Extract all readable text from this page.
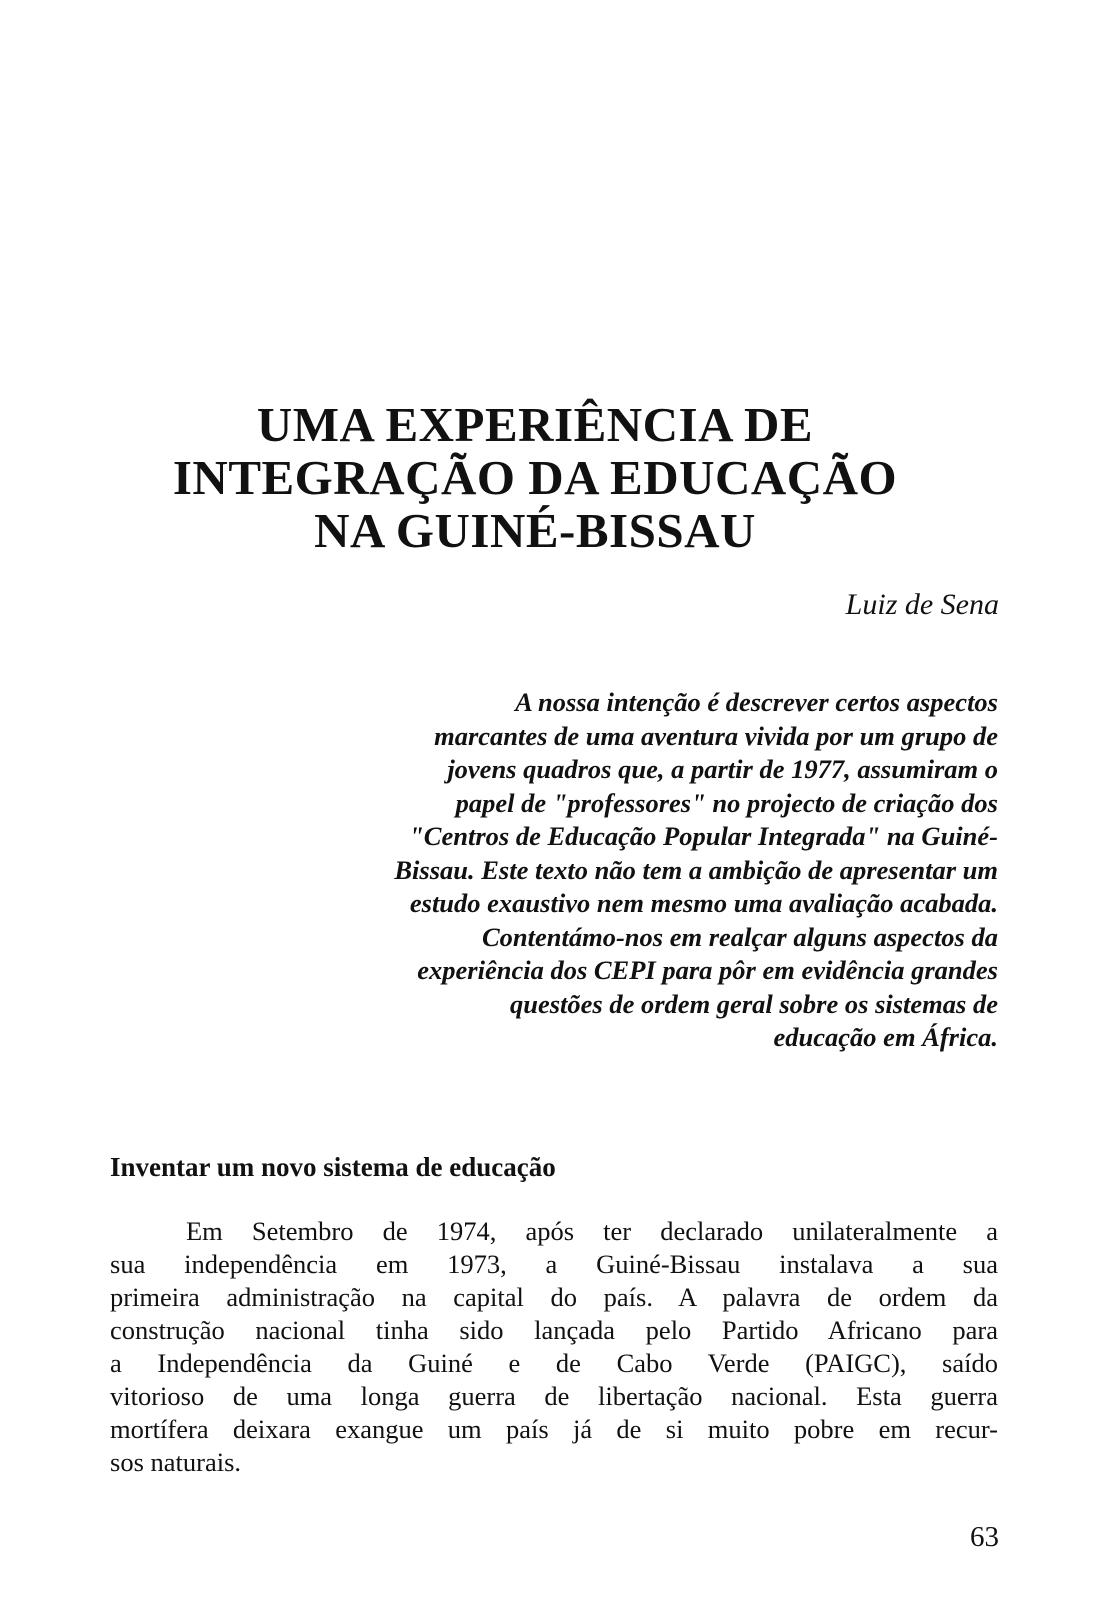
UMA EXPERIÊNCIA DE
INTEGRAÇÃO DA EDUCAÇÃO
NA GUINÉ-BISSAU

Luiz de Sena

A nossa intenção é descrever certos aspectos
marcantes de uma aventura vivida por um grupo de
jovens quadros que, a partir de 1977, assumiram o
papel de "professores" no projecto de criação dos
"Centros de Educação Popular Integrada" na Guiné-
Bissau. Este texto não tem a ambição de apresentar um
estudo exaustivo nem mesmo uma avaliação acabada.
Contentámo-nos em realçar alguns aspectos da
experiência dos CEPI para pôr em evidência grandes
questões de ordem geral sobre os sistemas de
educação em África.
Inventar um novo sistema de educação
Em Setembro de 1974, após ter declarado unilateralmente a
sua independência em 1973, a Guiné-Bissau instalava a sua
primeira administração na capital do país. A palavra de ordem da
construção nacional tinha sido lançada pelo Partido Africano para
a Independência da Guiné e de Cabo Verde (PAIGC), saído
vitorioso de uma longa guerra de libertação nacional. Esta guerra
mortífera deixara exangue um país já de si muito pobre em recur-
sos naturais.

63
